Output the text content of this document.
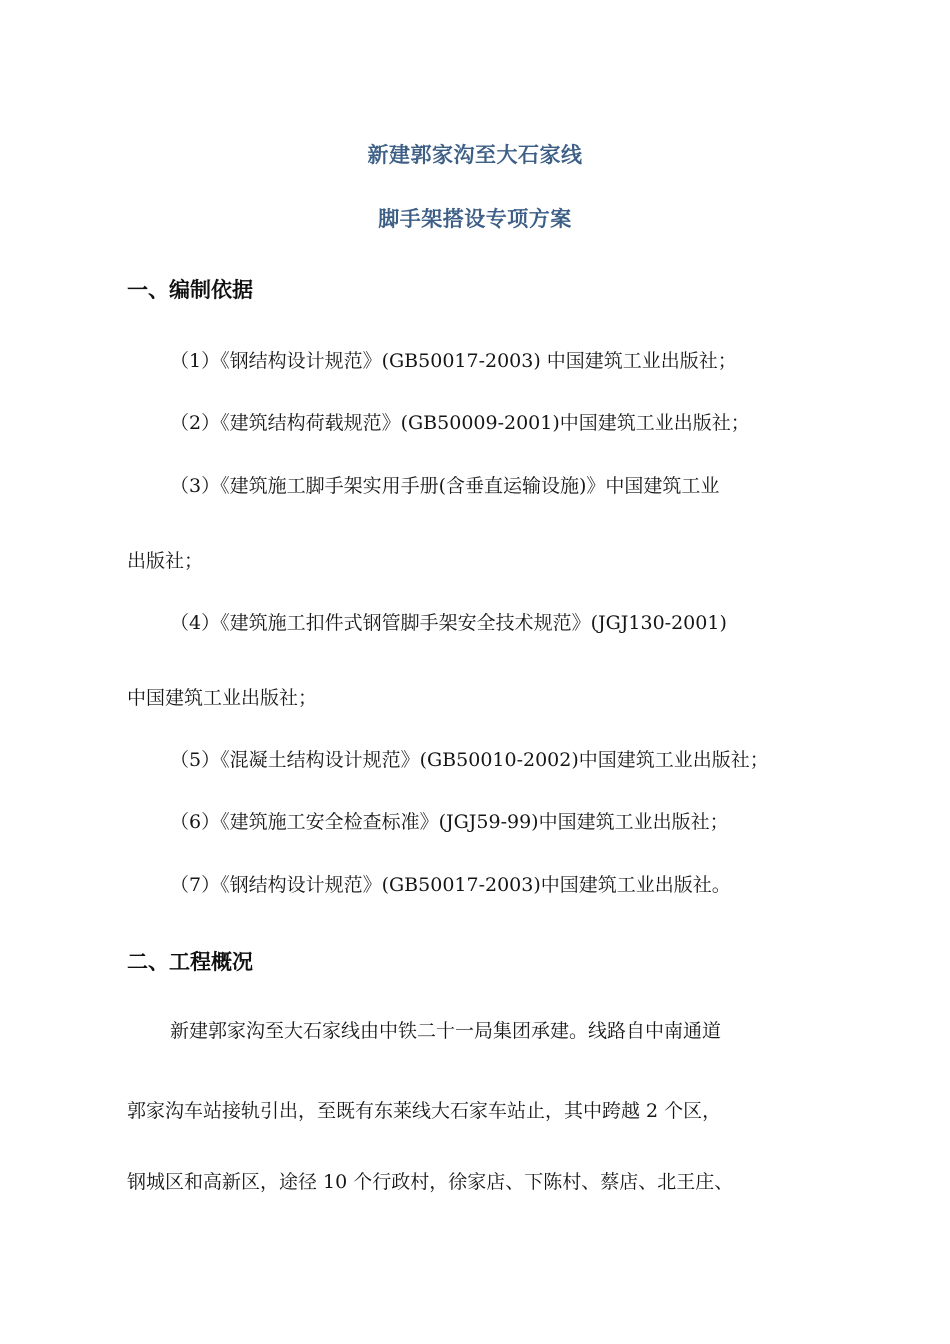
新建郭家沟至大石家线
脚手架搭设专项方案
一、编制依据
（1）《钢结构设计规范》(GB50017-2003) 中国建筑工业出版社；
（2）《建筑结构荷载规范》(GB50009-2001)中国建筑工业出版社；
（3）《建筑施工脚手架实用手册(含垂直运输设施)》中国建筑工业
出版社；
（4）《建筑施工扣件式钢管脚手架安全技术规范》(JGJ130-2001)
中国建筑工业出版社；
（5）《混凝土结构设计规范》(GB50010-2002)中国建筑工业出版社；
（6）《建筑施工安全检查标准》(JGJ59-99)中国建筑工业出版社；
（7）《钢结构设计规范》(GB50017-2003)中国建筑工业出版社。
二、工程概况
新建郭家沟至大石家线由中铁二十一局集团承建。线路自中南通道
郭家沟车站接轨引出，至既有东莱线大石家车站止，其中跨越 2 个区，
钢城区和高新区，途径 10 个行政村，徐家店、下陈村、蔡店、北王庄、
